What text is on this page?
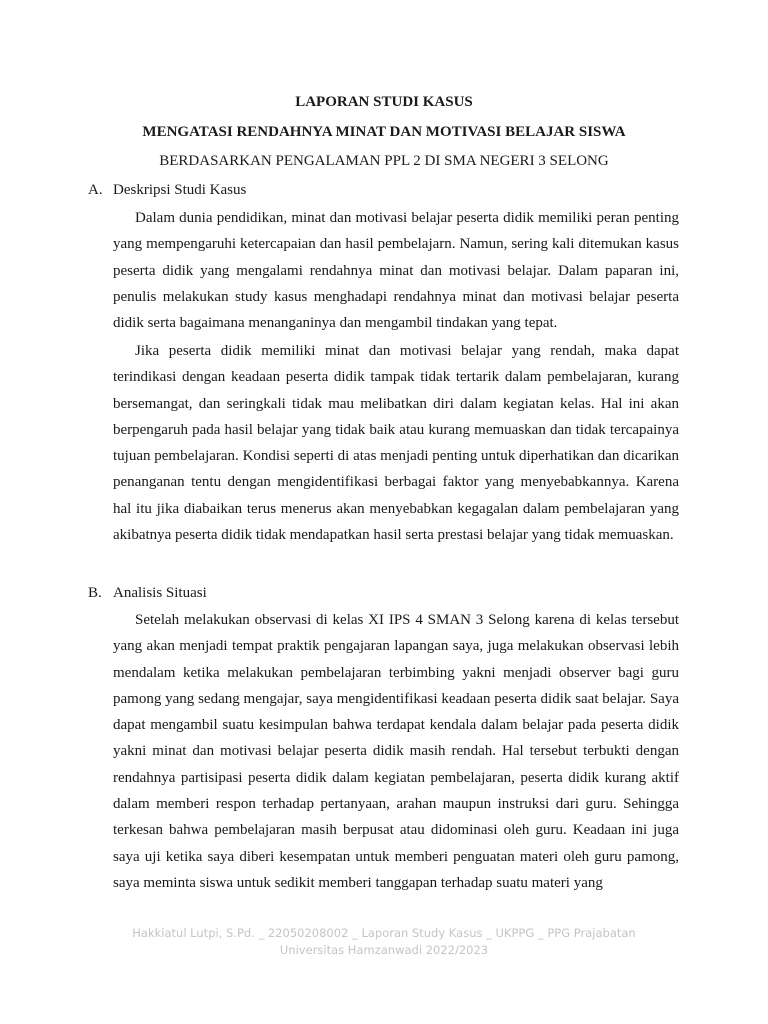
LAPORAN STUDI KASUS
MENGATASI RENDAHNYA MINAT DAN MOTIVASI BELAJAR SISWA
BERDASARKAN PENGALAMAN PPL 2 DI SMA NEGERI 3 SELONG
A. Deskripsi Studi Kasus

Dalam dunia pendidikan, minat dan motivasi belajar peserta didik memiliki peran penting yang mempengaruhi ketercapaian dan hasil pembelajarn. Namun, sering kali ditemukan kasus peserta didik yang mengalami rendahnya minat dan motivasi belajar. Dalam paparan ini, penulis melakukan study kasus menghadapi rendahnya minat dan motivasi belajar peserta didik serta bagaimana menanganinya dan mengambil tindakan yang tepat.

Jika peserta didik memiliki minat dan motivasi belajar yang rendah, maka dapat terindikasi dengan keadaan peserta didik tampak tidak tertarik dalam pembelajaran, kurang bersemangat, dan seringkali tidak mau melibatkan diri dalam kegiatan kelas. Hal ini akan berpengaruh pada hasil belajar yang tidak baik atau kurang memuaskan dan tidak tercapainya tujuan pembelajaran. Kondisi seperti di atas menjadi penting untuk diperhatikan dan dicarikan penanganan tentu dengan mengidentifikasi berbagai faktor yang menyebabkannya. Karena hal itu jika diabaikan terus menerus akan menyebabkan kegagalan dalam pembelajaran yang akibatnya peserta didik tidak mendapatkan hasil serta prestasi belajar yang tidak memuaskan.

B. Analisis Situasi

Setelah melakukan observasi di kelas XI IPS 4 SMAN 3 Selong karena di kelas tersebut yang akan menjadi tempat praktik pengajaran lapangan saya, juga melakukan observasi lebih mendalam ketika melakukan pembelajaran terbimbing yakni menjadi observer bagi guru pamong yang sedang mengajar, saya mengidentifikasi keadaan peserta didik saat belajar. Saya dapat mengambil suatu kesimpulan bahwa terdapat kendala dalam belajar pada peserta didik yakni minat dan motivasi belajar peserta didik masih rendah. Hal tersebut terbukti dengan rendahnya partisipasi peserta didik dalam kegiatan pembelajaran, peserta didik kurang aktif dalam memberi respon terhadap pertanyaan, arahan maupun instruksi dari guru. Sehingga terkesan bahwa pembelajaran masih berpusat atau didominasi oleh guru. Keadaan ini juga saya uji ketika saya diberi kesempatan untuk memberi penguatan materi oleh guru pamong, saya meminta siswa untuk sedikit memberi tanggapan terhadap suatu materi yang

Hakkiatul Lutpi, S.Pd. _ 22050208002 _ Laporan Study Kasus _ UKPPG _ PPG Prajabatan Universitas Hamzanwadi 2022/2023
